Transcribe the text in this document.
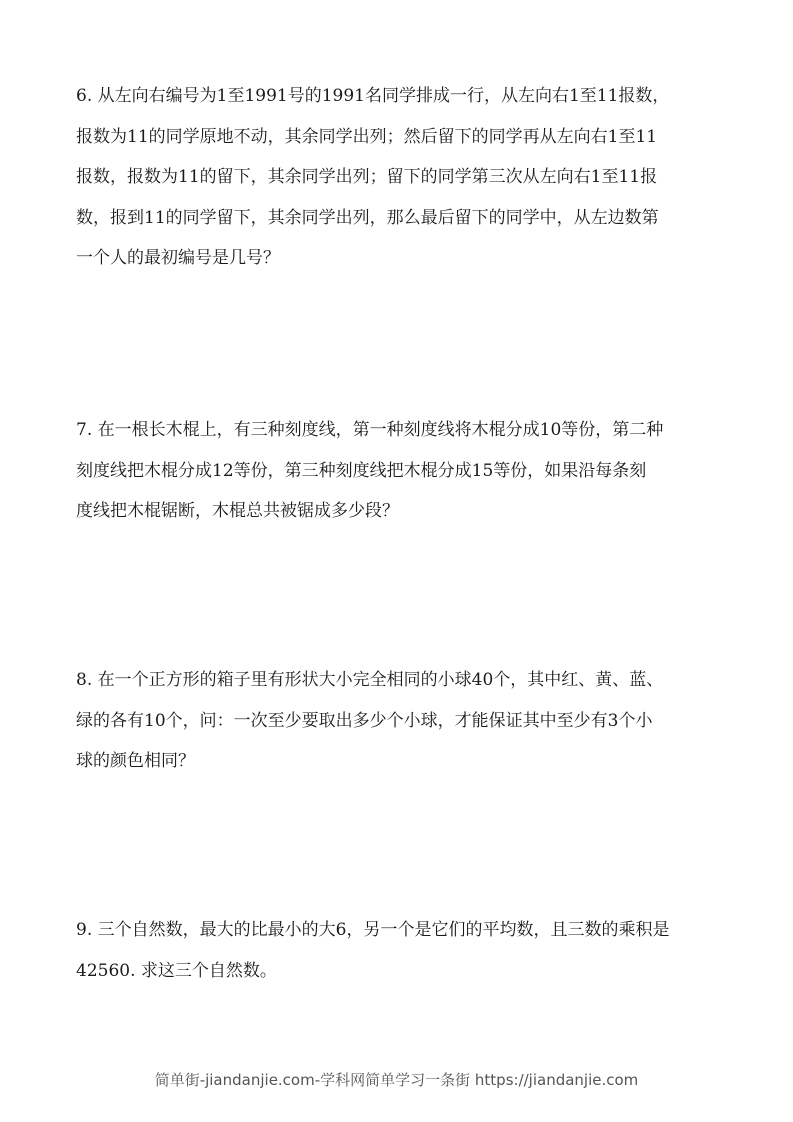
6. 从左向右编号为1至1991号的1991名同学排成一行，从左向右1至11报数，
报数为11的同学原地不动，其余同学出列；然后留下的同学再从左向右1至11
报数，报数为11的留下，其余同学出列；留下的同学第三次从左向右1至11报
数，报到11的同学留下，其余同学出列，那么最后留下的同学中，从左边数第
一个人的最初编号是几号？
7. 在一根长木棍上，有三种刻度线，第一种刻度线将木棍分成10等份，第二种
刻度线把木棍分成12等份，第三种刻度线把木棍分成15等份，如果沿每条刻
度线把木棍锯断，木棍总共被锯成多少段？
8. 在一个正方形的箱子里有形状大小完全相同的小球40个，其中红、黄、蓝、
绿的各有10个，问：一次至少要取出多少个小球，才能保证其中至少有3个小
球的颜色相同？
9. 三个自然数，最大的比最小的大6，另一个是它们的平均数，且三数的乘积是
42560. 求这三个自然数。
简单街-jiandanjie.com-学科网简单学习一条街 https://jiandanjie.com
